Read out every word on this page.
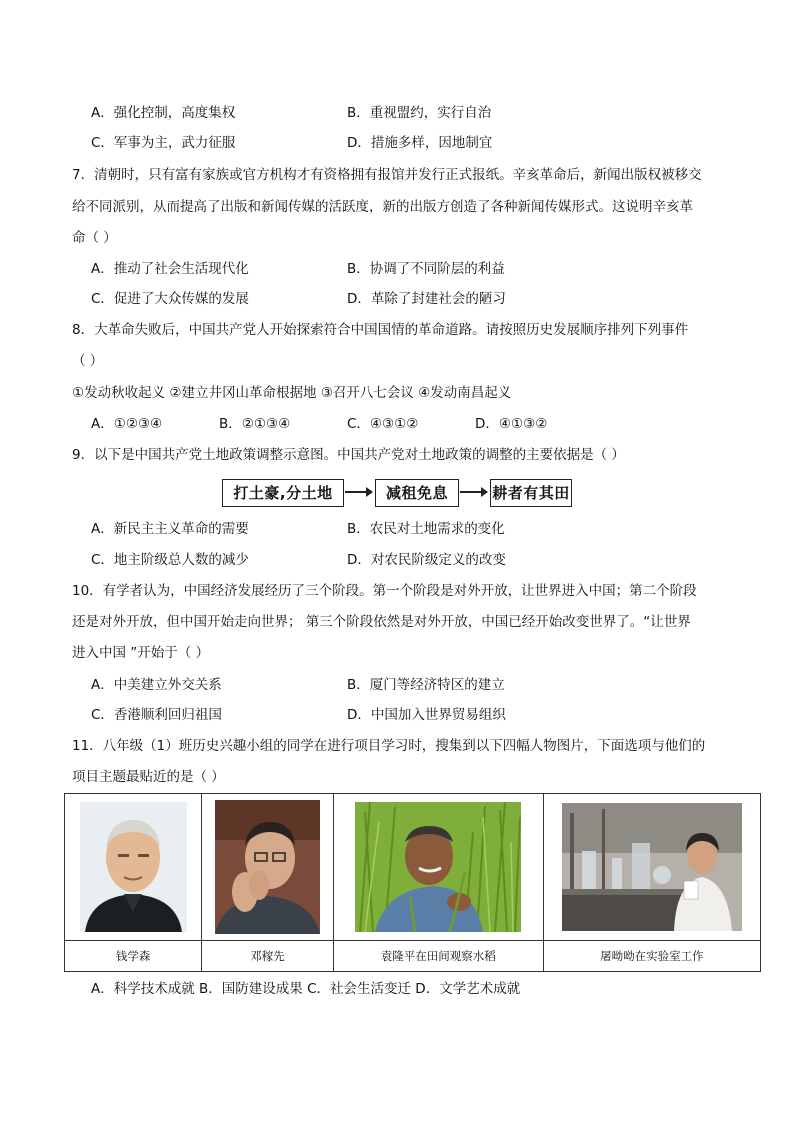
A．强化控制，高度集权	B．重视盟约，实行自治
C．军事为主，武力征服	D．措施多样，因地制宜
7．清朝时，只有富有家族或官方机构才有资格拥有报馆并发行正式报纸。辛亥革命后，新闻出版权被移交
给不同派别，从而提高了出版和新闻传媒的活跃度，新的出版方创造了各种新闻传媒形式。这说明辛亥革
命（ ）
A．推动了社会生活现代化	B．协调了不同阶层的利益
C．促进了大众传媒的发展	D．革除了封建社会的陋习
8．大革命失败后，中国共产党人开始探索符合中国国情的革命道路。请按照历史发展顺序排列下列事件
（ ）
①发动秋收起义 ②建立井冈山革命根据地 ③召开八七会议 ④发动南昌起义
A．①②③④	B．②①③④	C．④③①②	D．④①③②
9．以下是中国共产党土地政策调整示意图。中国共产党对土地政策的调整的主要依据是（ ）
打土豪,分土地	减租免息	耕者有其田
A．新民主主义革命的需要	B．农民对土地需求的变化
C．地主阶级总人数的减少	D．对农民阶级定义的改变
10．有学者认为，中国经济发展经历了三个阶段。第一个阶段是对外开放，让世界进入中国；第二个阶段
还是对外开放，但中国开始走向世界； 第三个阶段依然是对外开放，中国已经开始改变世界了。“让世界
进入中国 ”开始于（ ）
A．中美建立外交关系	B．厦门等经济特区的建立
C．香港顺利回归祖国	D．中国加入世界贸易组织
11．八年级（1）班历史兴趣小组的同学在进行项目学习时，搜集到以下四幅人物图片，下面选项与他们的
项目主题最贴近的是（ ）

钱学森	邓稼先	袁隆平在田间观察水稻	屠呦呦在实验室工作
A．科学技术成就 B．国防建设成果 C．社会生活变迁 D．文学艺术成就
